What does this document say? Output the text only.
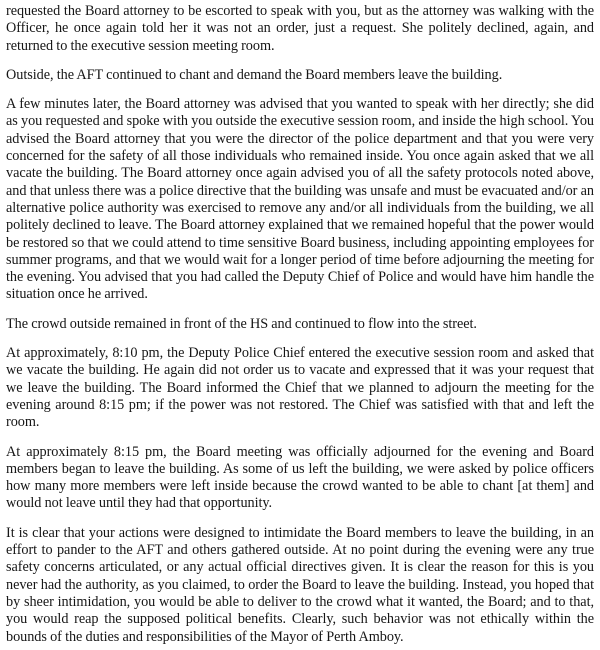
requested the Board attorney to be escorted to speak with you, but as the attorney was walking with the Officer, he once again told her it was not an order, just a request. She politely declined, again, and returned to the executive session meeting room.

Outside, the AFT continued to chant and demand the Board members leave the building.

A few minutes later, the Board attorney was advised that you wanted to speak with her directly; she did as you requested and spoke with you outside the executive session room, and inside the high school. You advised the Board attorney that you were the director of the police department and that you were very concerned for the safety of all those individuals who remained inside. You once again asked that we all vacate the building. The Board attorney once again advised you of all the safety protocols noted above, and that unless there was a police directive that the building was unsafe and must be evacuated and/or an alternative police authority was exercised to remove any and/or all individuals from the building, we all politely declined to leave. The Board attorney explained that we remained hopeful that the power would be restored so that we could attend to time sensitive Board business, including appointing employees for summer programs, and that we would wait for a longer period of time before adjourning the meeting for the evening. You advised that you had called the Deputy Chief of Police and would have him handle the situation once he arrived.

The crowd outside remained in front of the HS and continued to flow into the street.

At approximately, 8:10 pm, the Deputy Police Chief entered the executive session room and asked that we vacate the building. He again did not order us to vacate and expressed that it was your request that we leave the building. The Board informed the Chief that we planned to adjourn the meeting for the evening around 8:15 pm; if the power was not restored. The Chief was satisfied with that and left the room.

At approximately 8:15 pm, the Board meeting was officially adjourned for the evening and Board members began to leave the building. As some of us left the building, we were asked by police officers how many more members were left inside because the crowd wanted to be able to chant [at them] and would not leave until they had that opportunity.

It is clear that your actions were designed to intimidate the Board members to leave the building, in an effort to pander to the AFT and others gathered outside. At no point during the evening were any true safety concerns articulated, or any actual official directives given. It is clear the reason for this is you never had the authority, as you claimed, to order the Board to leave the building. Instead, you hoped that by sheer intimidation, you would be able to deliver to the crowd what it wanted, the Board; and to that, you would reap the supposed political benefits. Clearly, such behavior was not ethically within the bounds of the duties and responsibilities of the Mayor of Perth Amboy.
